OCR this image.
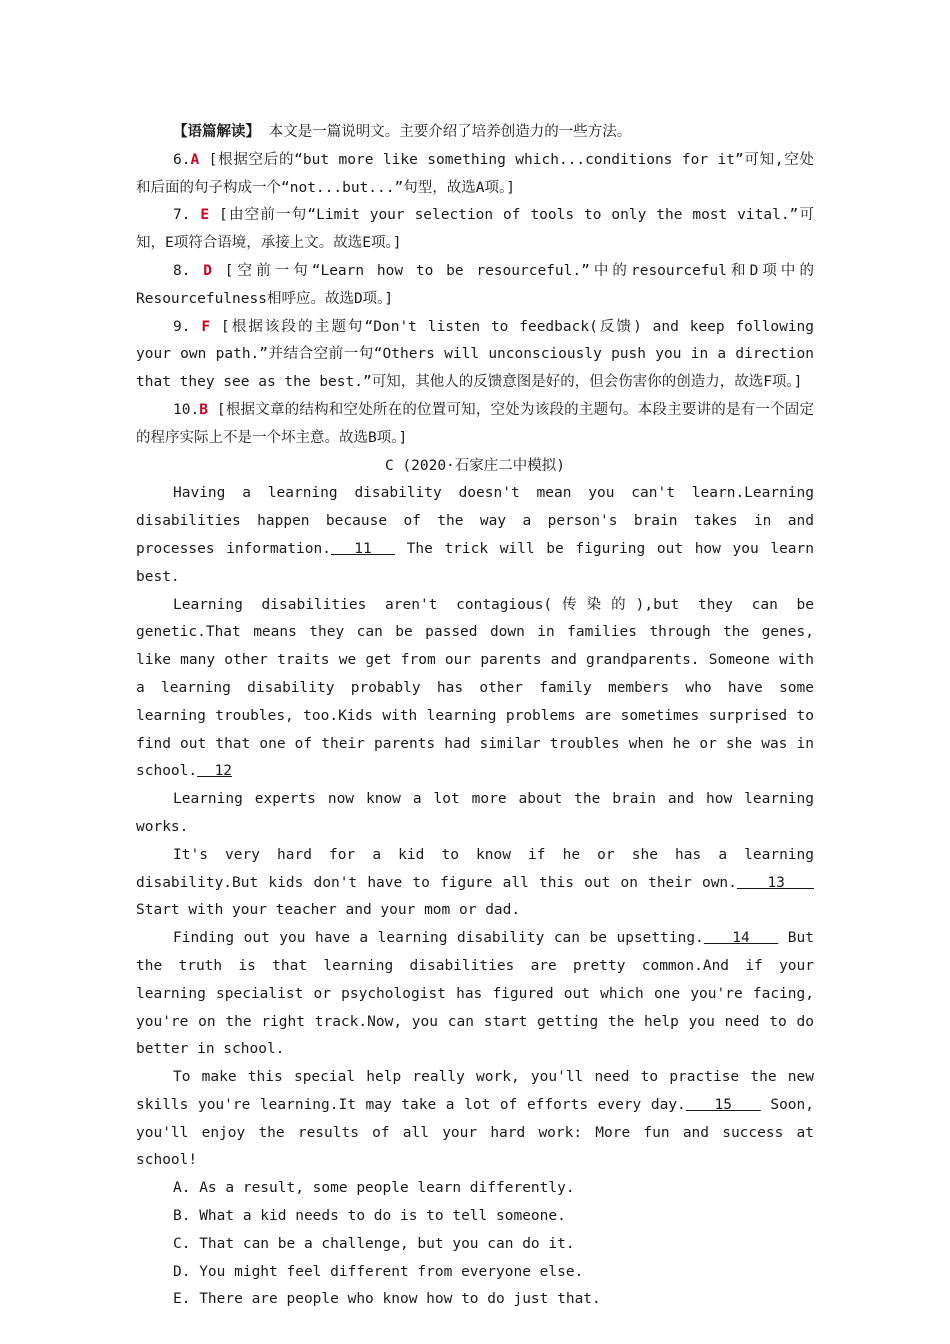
【语篇解读】 本文是一篇说明文。主要介绍了培养创造力的一些方法。

6.A [根据空后的“but more like something which...conditions for it”可知,空处和后面的句子构成一个“not...but...”句型，故选A项。]

7. E [由空前一句“Limit your selection of tools to only the most vital.”可知，E项符合语境，承接上文。故选E项。]

8. D [空前一句“Learn how to be resourceful.”中的resourceful和D项中的Resourcefulness相呼应。故选D项。]

9. F [根据该段的主题句“Don't listen to feedback(反馈) and keep following your own path.”并结合空前一句“Others will unconsciously push you in a direction that they see as the best.”可知，其他人的反馈意图是好的，但会伤害你的创造力，故选F项。]

10.B [根据文章的结构和空处所在的位置可知，空处为该段的主题句。本段主要讲的是有一个固定的程序实际上不是一个坏主意。故选B项。]

C (2020·石家庄二中模拟)

Having a learning disability doesn't mean you can't learn.Learning disabilities happen because of the way a person's brain takes in and processes information.  11   The trick will be figuring out how you learn best.

Learning disabilities aren't contagious(传染的),but they can be genetic.That means they can be passed down in families through the genes, like many other traits we get from our parents and grandparents. Someone with a learning disability probably has other family members who have some learning troubles, too.Kids with learning problems are sometimes surprised to find out that one of their parents had similar troubles when he or she was in school.  12

Learning experts now know a lot more about the brain and how learning works.

It's very hard for a kid to know if he or she has a learning disability.But kids don't have to figure all this out on their own.   13    Start with your teacher and your mom or dad.

Finding out you have a learning disability can be upsetting.   14    But the truth is that learning disabilities are pretty common.And if your learning specialist or psychologist has figured out which one you're facing, you're on the right track.Now, you can start getting the help you need to do better in school.

To make this special help really work, you'll need to practise the new skills you're learning.It may take a lot of efforts every day.   15    Soon, you'll enjoy the results of all your hard work: More fun and success at school!

A. As a result, some people learn differently.

B. What a kid needs to do is to tell someone.

C. That can be a challenge, but you can do it.

D. You might feel different from everyone else.

E. There are people who know how to do just that.
